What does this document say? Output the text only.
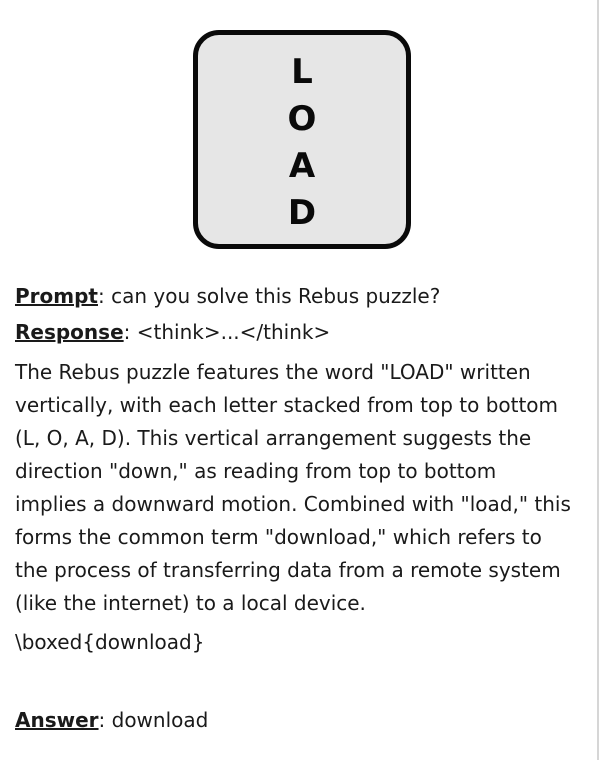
L
O
A
D
Prompt: can you solve this Rebus puzzle?
Response: <think>...</think>
The Rebus puzzle features the word "LOAD" written
vertically, with each letter stacked from top to bottom
(L, O, A, D). This vertical arrangement suggests the
direction "down," as reading from top to bottom
implies a downward motion. Combined with "load," this
forms the common term "download," which refers to
the process of transferring data from a remote system
(like the internet) to a local device.
\boxed{download}
Answer: download
